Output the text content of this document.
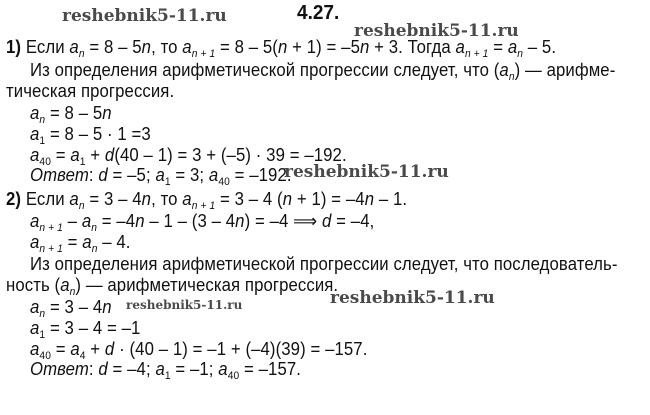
reshebnik5-11.ru
reshebnik5-11.ru
reshebnik5-11.ru
reshebnik5-11.ru	reshebnik5-11.ru
4.27.
1) Если $a_n = 8 - 5n$, то $a_{n + 1} = 8 - 5(n + 1) = -5n + 3$. Тогда $a_{n + 1} = a_n - 5$.
Из определения арифметической прогрессии следует, что $(a_n)$ — арифме-
тическая прогрессия.
$a_n = 8 - 5n$
$a_1 = 8 - 5 \cdot 1 =3$
$a_{40} = a_1 + d(40 - 1) = 3 + (-5) \cdot 39 = -192$.
Ответ: d = –5; $a_1 = 3$; $a_{40} = -192$.
2) Если $a_n = 3 - 4n$, то $a_{n + 1} = 3 - 4$ (n + 1) = –4n – 1.
$a_{n + 1} - a_n = -4n - 1 - (3 - 4n) = -4$ ⟹ d = –4,
$a_{n + 1} = a_n - 4$.
Из определения арифметической прогрессии следует, что последователь-
ность $(a_n)$ — арифметическая прогрессия.
$a_n = 3 - 4n$
$a_1 = 3 - 4 = -1$
$a_{40} = a_4 + d \cdot (40 - 1) = -1 + (-4)(39) = -157$.
Ответ: d = –4; $a_1 = -1$; $a_{40} = -157$.
